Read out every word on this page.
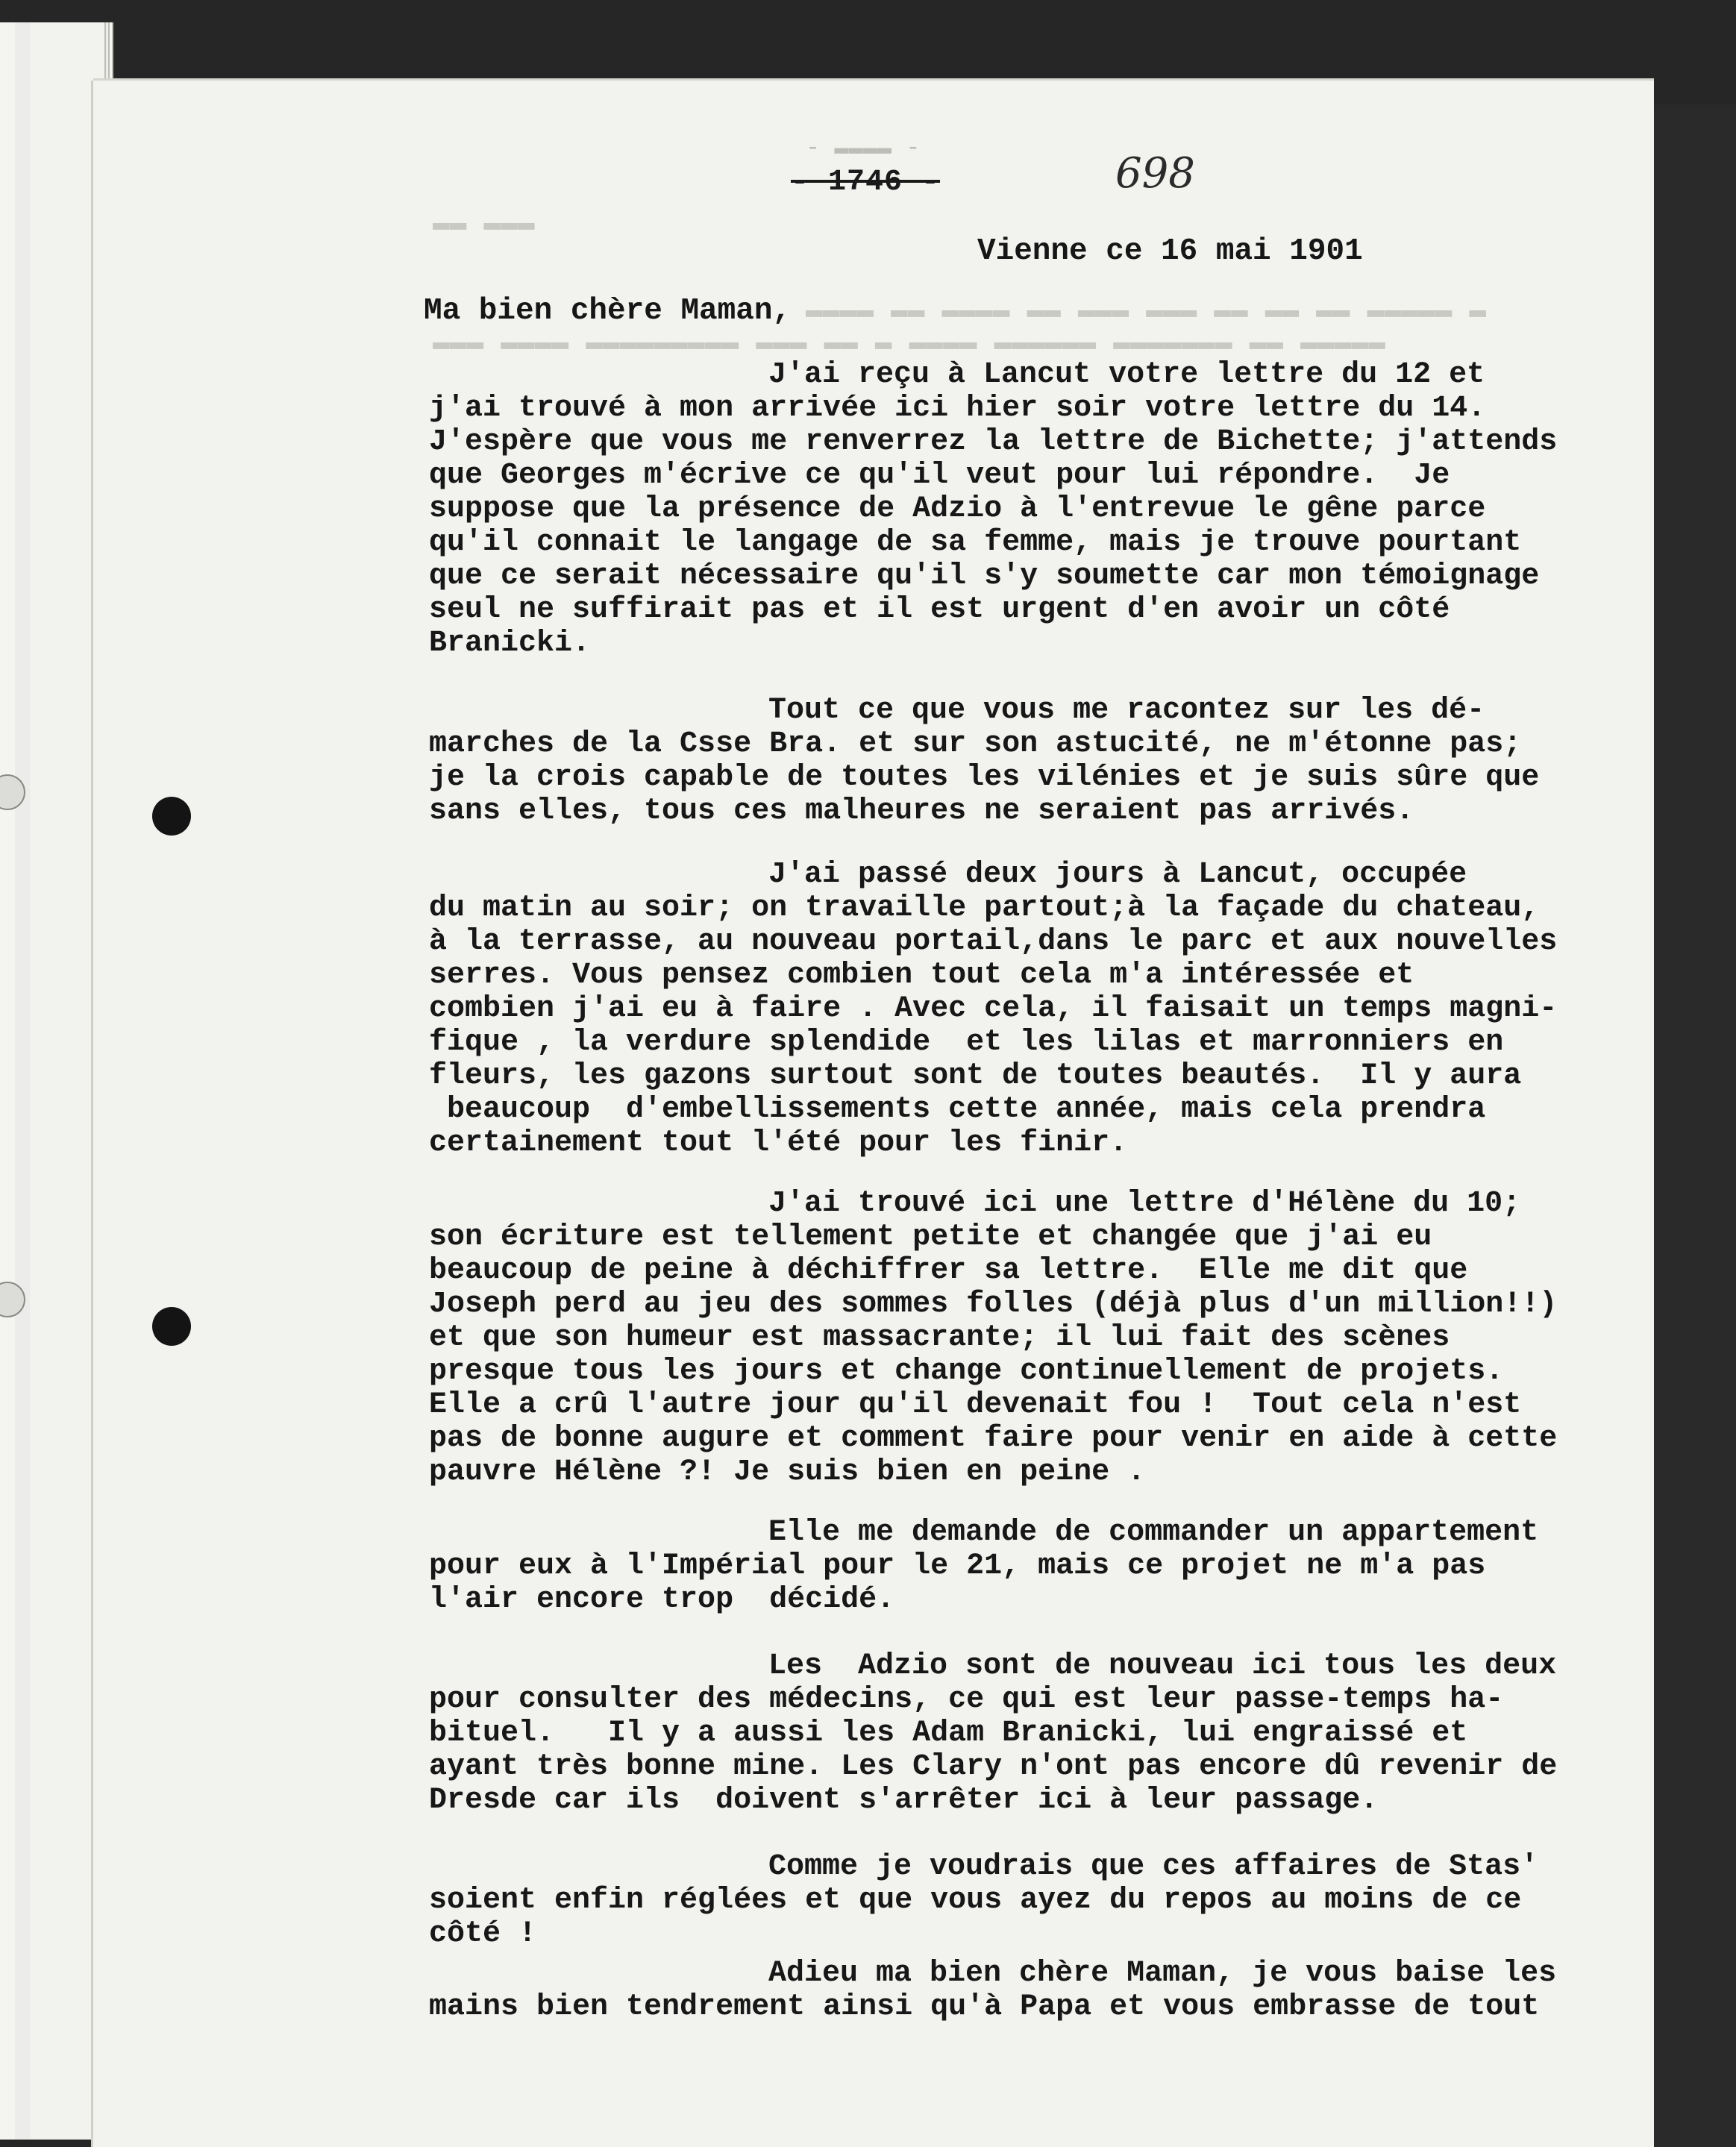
▬▬ ▬▬▬
▬▬▬▬ ▬▬ ▬▬▬▬ ▬▬ ▬▬▬ ▬▬▬ ▬▬ ▬▬ ▬▬ ▬▬▬▬▬ ▬
▬▬▬ ▬▬▬▬ ▬▬▬▬▬▬▬▬▬ ▬▬▬ ▬▬ ▬ ▬▬▬▬ ▬▬▬▬▬▬ ▬▬▬▬▬▬▬ ▬▬ ▬▬▬▬▬
- ▬▬▬▬ -
- 1746 -	698
Vienne ce 16 mai 1901
Ma bien chère Maman,
J'ai reçu à Lancut votre lettre du 12 et
j'ai trouvé à mon arrivée ici hier soir votre lettre du 14.
J'espère que vous me renverrez la lettre de Bichette; j'attends
que Georges m'écrive ce qu'il veut pour lui répondre.  Je
suppose que la présence de Adzio à l'entrevue le gêne parce
qu'il connait le langage de sa femme, mais je trouve pourtant
que ce serait nécessaire qu'il s'y soumette car mon témoignage
seul ne suffirait pas et il est urgent d'en avoir un côté
Branicki.
Tout ce que vous me racontez sur les dé-
marches de la Csse Bra. et sur son astucité, ne m'étonne pas;
je la crois capable de toutes les vilénies et je suis sûre que
sans elles, tous ces malheures ne seraient pas arrivés.
J'ai passé deux jours à Lancut, occupée
du matin au soir; on travaille partout;à la façade du chateau,
à la terrasse, au nouveau portail,dans le parc et aux nouvelles
serres. Vous pensez combien tout cela m'a intéressée et
combien j'ai eu à faire . Avec cela, il faisait un temps magni-
fique , la verdure splendide  et les lilas et marronniers en
fleurs, les gazons surtout sont de toutes beautés.  Il y aura
beaucoup  d'embellissements cette année, mais cela prendra
certainement tout l'été pour les finir.
J'ai trouvé ici une lettre d'Hélène du 10;
son écriture est tellement petite et changée que j'ai eu
beaucoup de peine à déchiffrer sa lettre.  Elle me dit que
Joseph perd au jeu des sommes folles (déjà plus d'un million!!)
et que son humeur est massacrante; il lui fait des scènes
presque tous les jours et change continuellement de projets.
Elle a crû l'autre jour qu'il devenait fou !  Tout cela n'est
pas de bonne augure et comment faire pour venir en aide à cette
pauvre Hélène ?! Je suis bien en peine .
Elle me demande de commander un appartement
pour eux à l'Impérial pour le 21, mais ce projet ne m'a pas
l'air encore trop  décidé.
Les  Adzio sont de nouveau ici tous les deux
pour consulter des médecins, ce qui est leur passe-temps ha-
bituel.   Il y a aussi les Adam Branicki, lui engraissé et
ayant très bonne mine. Les Clary n'ont pas encore dû revenir de
Dresde car ils  doivent s'arrêter ici à leur passage.
Comme je voudrais que ces affaires de Stas'
soient enfin réglées et que vous ayez du repos au moins de ce
côté !
Adieu ma bien chère Maman, je vous baise les
mains bien tendrement ainsi qu'à Papa et vous embrasse de tout
